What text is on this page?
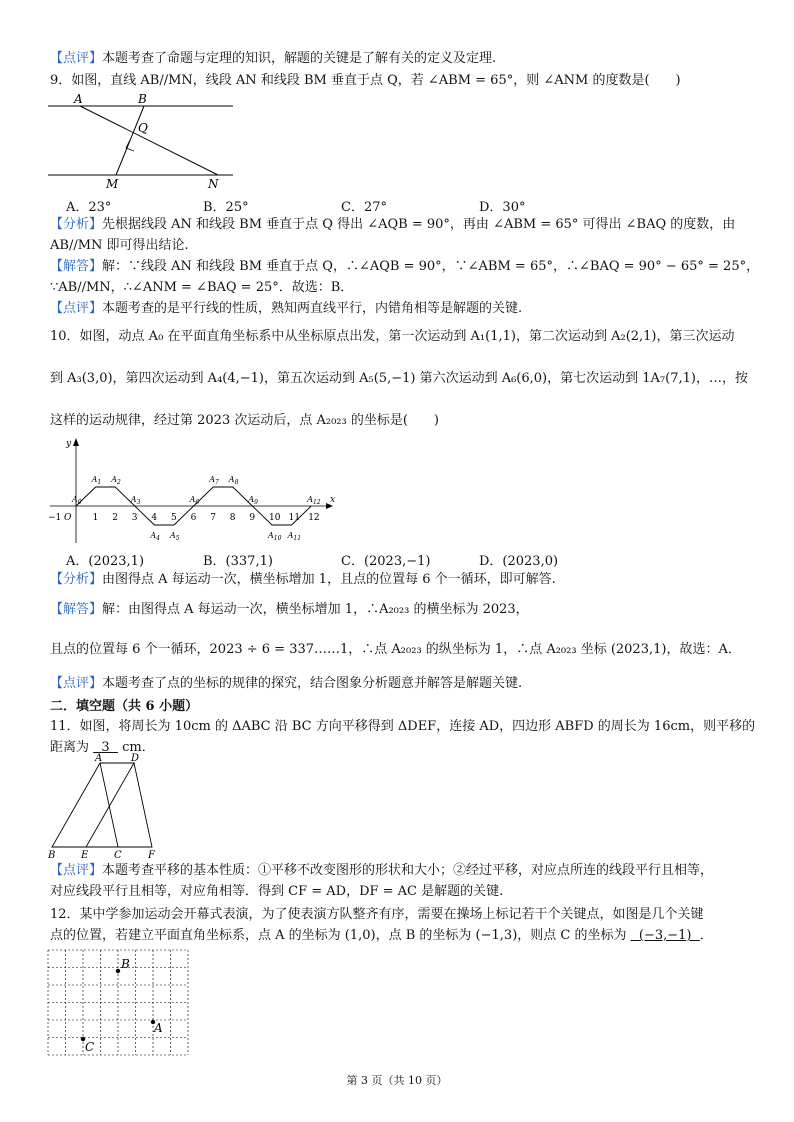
【点评】本题考查了命题与定理的知识，解题的关键是了解有关的定义及定理.
9．如图，直线 AB//MN，线段 AN 和线段 BM 垂直于点 Q，若 ∠ABM = 65°，则 ∠ANM 的度数是(　　)
A	B
Q
M	N
A．23°	B．25°	C．27°	D．30°
【分析】先根据线段 AN 和线段 BM 垂直于点 Q 得出 ∠AQB = 90°，再由 ∠ABM = 65° 可得出 ∠BAQ 的度数，由
AB//MN 即可得出结论.
【解答】解：∵线段 AN 和线段 BM 垂直于点 Q，∴∠AQB = 90°，∵∠ABM = 65°，∴∠BAQ = 90° − 65° = 25°，
∵AB//MN，∴∠ANM = ∠BAQ = 25°．故选：B．
【点评】本题考查的是平行线的性质，熟知两直线平行，内错角相等是解题的关键.
10．如图，动点 A₀ 在平面直角坐标系中从坐标原点出发，第一次运动到 A₁(1,1)，第二次运动到 A₂(2,1)，第三次运动
到 A₃(3,0)，第四次运动到 A₄(4,−1)，第五次运动到 A₅(5,−1) 第六次运动到 A₆(6,0)，第七次运动到 1A₇(7,1)，…，按
这样的运动规律，经过第 2023 次运动后，点 A₂₀₂₃ 的坐标是(　　)
y
x
O
−1	1 2 3 4 5 6 7 8 9 10 11 12
$A_0$
$A_1$ $A_2$
$A_3$
$A_4$ $A_5$
$A_6$
$A_7$ $A_8$
$A_9$
$A_{10}$ $A_{11}$
$A_{12}$
A．(2023,1)	B．(337,1)	C．(2023,−1)	D．(2023,0)
【分析】由图得点 A 每运动一次，横坐标增加 1，且点的位置每 6 个一循环，即可解答.
【解答】解：由图得点 A 每运动一次，横坐标增加 1，∴A₂₀₂₃ 的横坐标为 2023，
且点的位置每 6 个一循环，2023 ÷ 6 = 337……1，∴点 A₂₀₂₃ 的纵坐标为 1，∴点 A₂₀₂₃ 坐标 (2023,1)，故选：A．
【点评】本题考查了点的坐标的规律的探究，结合图象分析题意并解答是解题关键.
二．填空题（共 6 小题）
11．如图，将周长为 10cm 的 ΔABC 沿 BC 方向平移得到 ΔDEF，连接 AD，四边形 ABFD 的周长为 16cm，则平移的
距离为   3   cm．
A	D
B	E	C	F
【点评】本题考查平移的基本性质：①平移不改变图形的形状和大小；②经过平移，对应点所连的线段平行且相等，
对应线段平行且相等，对应角相等．得到 CF = AD，DF = AC 是解题的关键.
12．某中学参加运动会开幕式表演，为了使表演方队整齐有序，需要在操场上标记若干个关键点，如图是几个关键
点的位置，若建立平面直角坐标系，点 A 的坐标为 (1,0)，点 B 的坐标为 (−1,3)，则点 C 的坐标为   (−3,−1)  ．
B
A
C
第 3 页（共 10 页）
